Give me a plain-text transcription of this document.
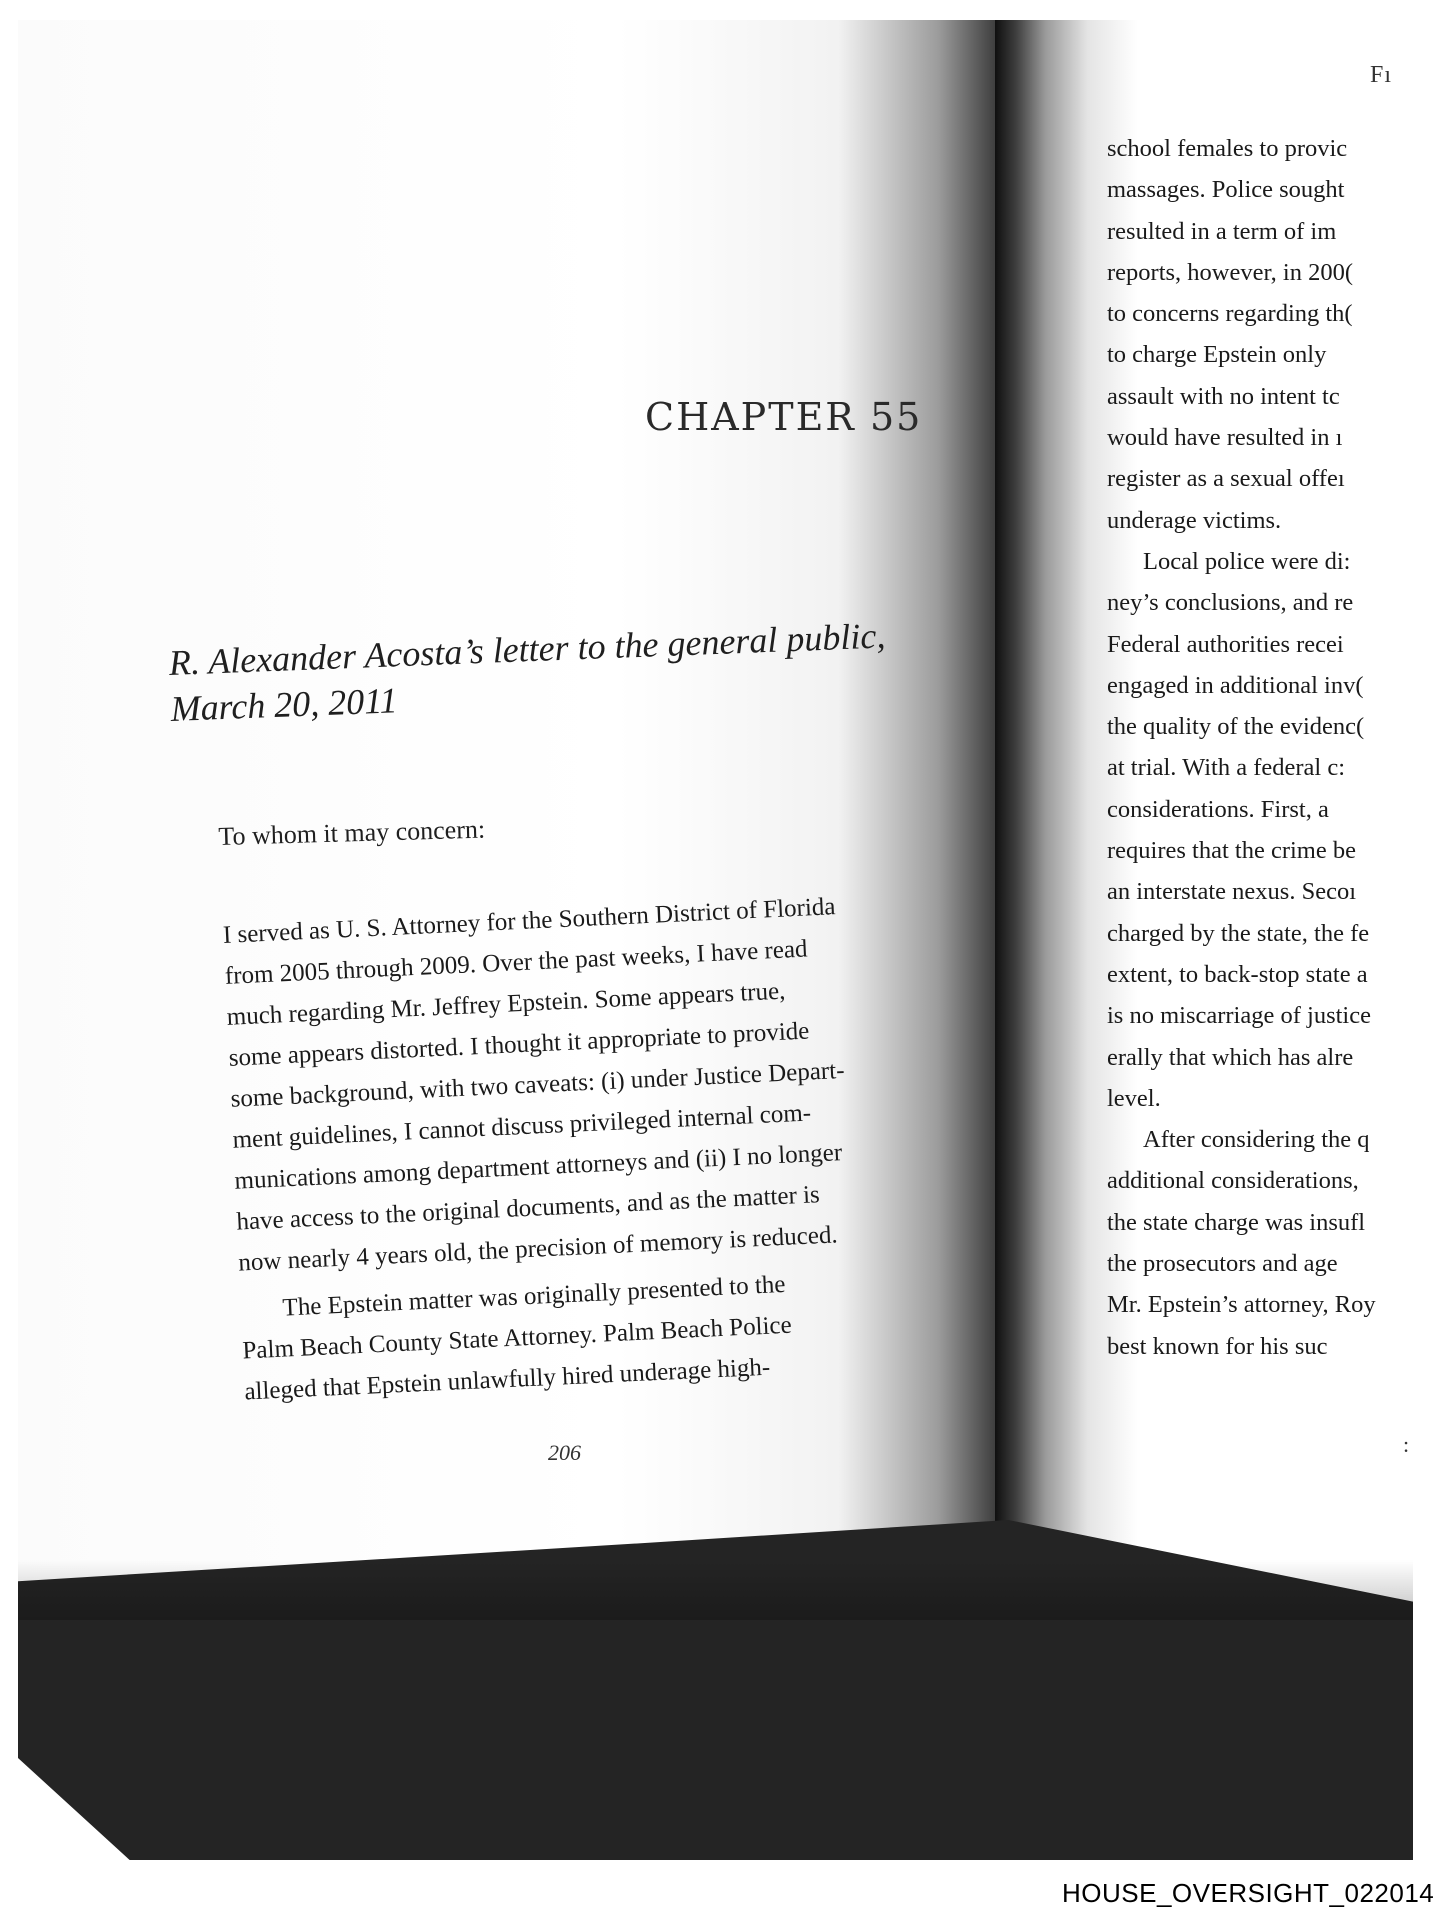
CHAPTER 55
R. Alexander Acosta’s letter to the general public,
March 20, 2011
To whom it may concern:
I served as U. S. Attorney for the Southern District of Florida
from 2005 through 2009. Over the past weeks, I have read
much regarding Mr. Jeffrey Epstein. Some appears true,
some appears distorted. I thought it appropriate to provide
some background, with two caveats: (i) under Justice Depart-
ment guidelines, I cannot discuss privileged internal com-
munications among department attorneys and (ii) I no longer
have access to the original documents, and as the matter is
now nearly 4 years old, the precision of memory is reduced.
The Epstein matter was originally presented to the
Palm Beach County State Attorney. Palm Beach Police
alleged that Epstein unlawfully hired underage high-
206
Fı
school females to provic
massages. Police sought
resulted in a term of im
reports, however, in 200(
to concerns regarding th(
to charge Epstein only
assault with no intent tc
would have resulted in ı
register as a sexual offeı
underage victims.
Local police were di:
ney’s conclusions, and re
Federal authorities recei
engaged in additional inv(
the quality of the evidenc(
at trial. With a federal c:
considerations. First, a
requires that the crime be
an interstate nexus. Secoı
charged by the state, the fe
extent, to back-stop state a
is no miscarriage of justice
erally that which has alre
level.
After considering the q
additional considerations,
the state charge was insufl
the prosecutors and age
Mr. Epstein’s attorney, Roy
best known for his suc
:
HOUSE_OVERSIGHT_022014
